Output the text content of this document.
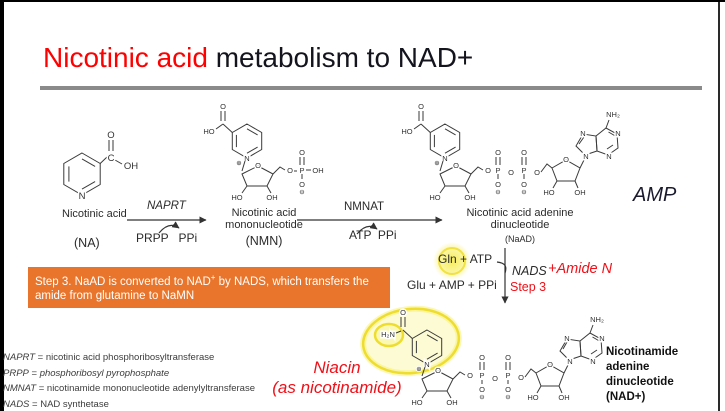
Nicotinic acid metabolism to NAD+
C
O
OH
N
O
HO
N
⊕ O
HO	OH
O P
O
OH
O
⊖
O
HO
N
⊕ O
HO	OH
O P
O
O
⊖
O P
O
O
⊖
O
O
HO	OH
N
N	N
N
NH₂
H₂N
O
N
⊕ O
HO	OH
O P
O
O
⊖
O P
O
O
⊖
O
O
HO	OH
N
N	N
N
NH₂
Nicotinic acid
(NA)
NAPRT
PRPP   PPi
Nicotinic acid
mononucleotide
(NMN)
NMNAT
ATP  PPi
Nicotinic acid adenine
dinucleotide
(NaAD)
AMP
Gln + ATP
NADS +Amide N
Glu + AMP + PPi Step 3
Step 3. NaAD is converted to NAD+ by NADS, which transfers the
amide from glutamine to NaMN
Niacin
(as nicotinamide)
Nicotinamide
adenine dinucleotide
(NAD+)
NAPRT = nicotinic acid phosphoribosyltransferase
PRPP = phosphoribosyl pyrophosphate
NMNAT = nicotinamide mononucleotide adenylyltransferase
NADS = NAD synthetase
